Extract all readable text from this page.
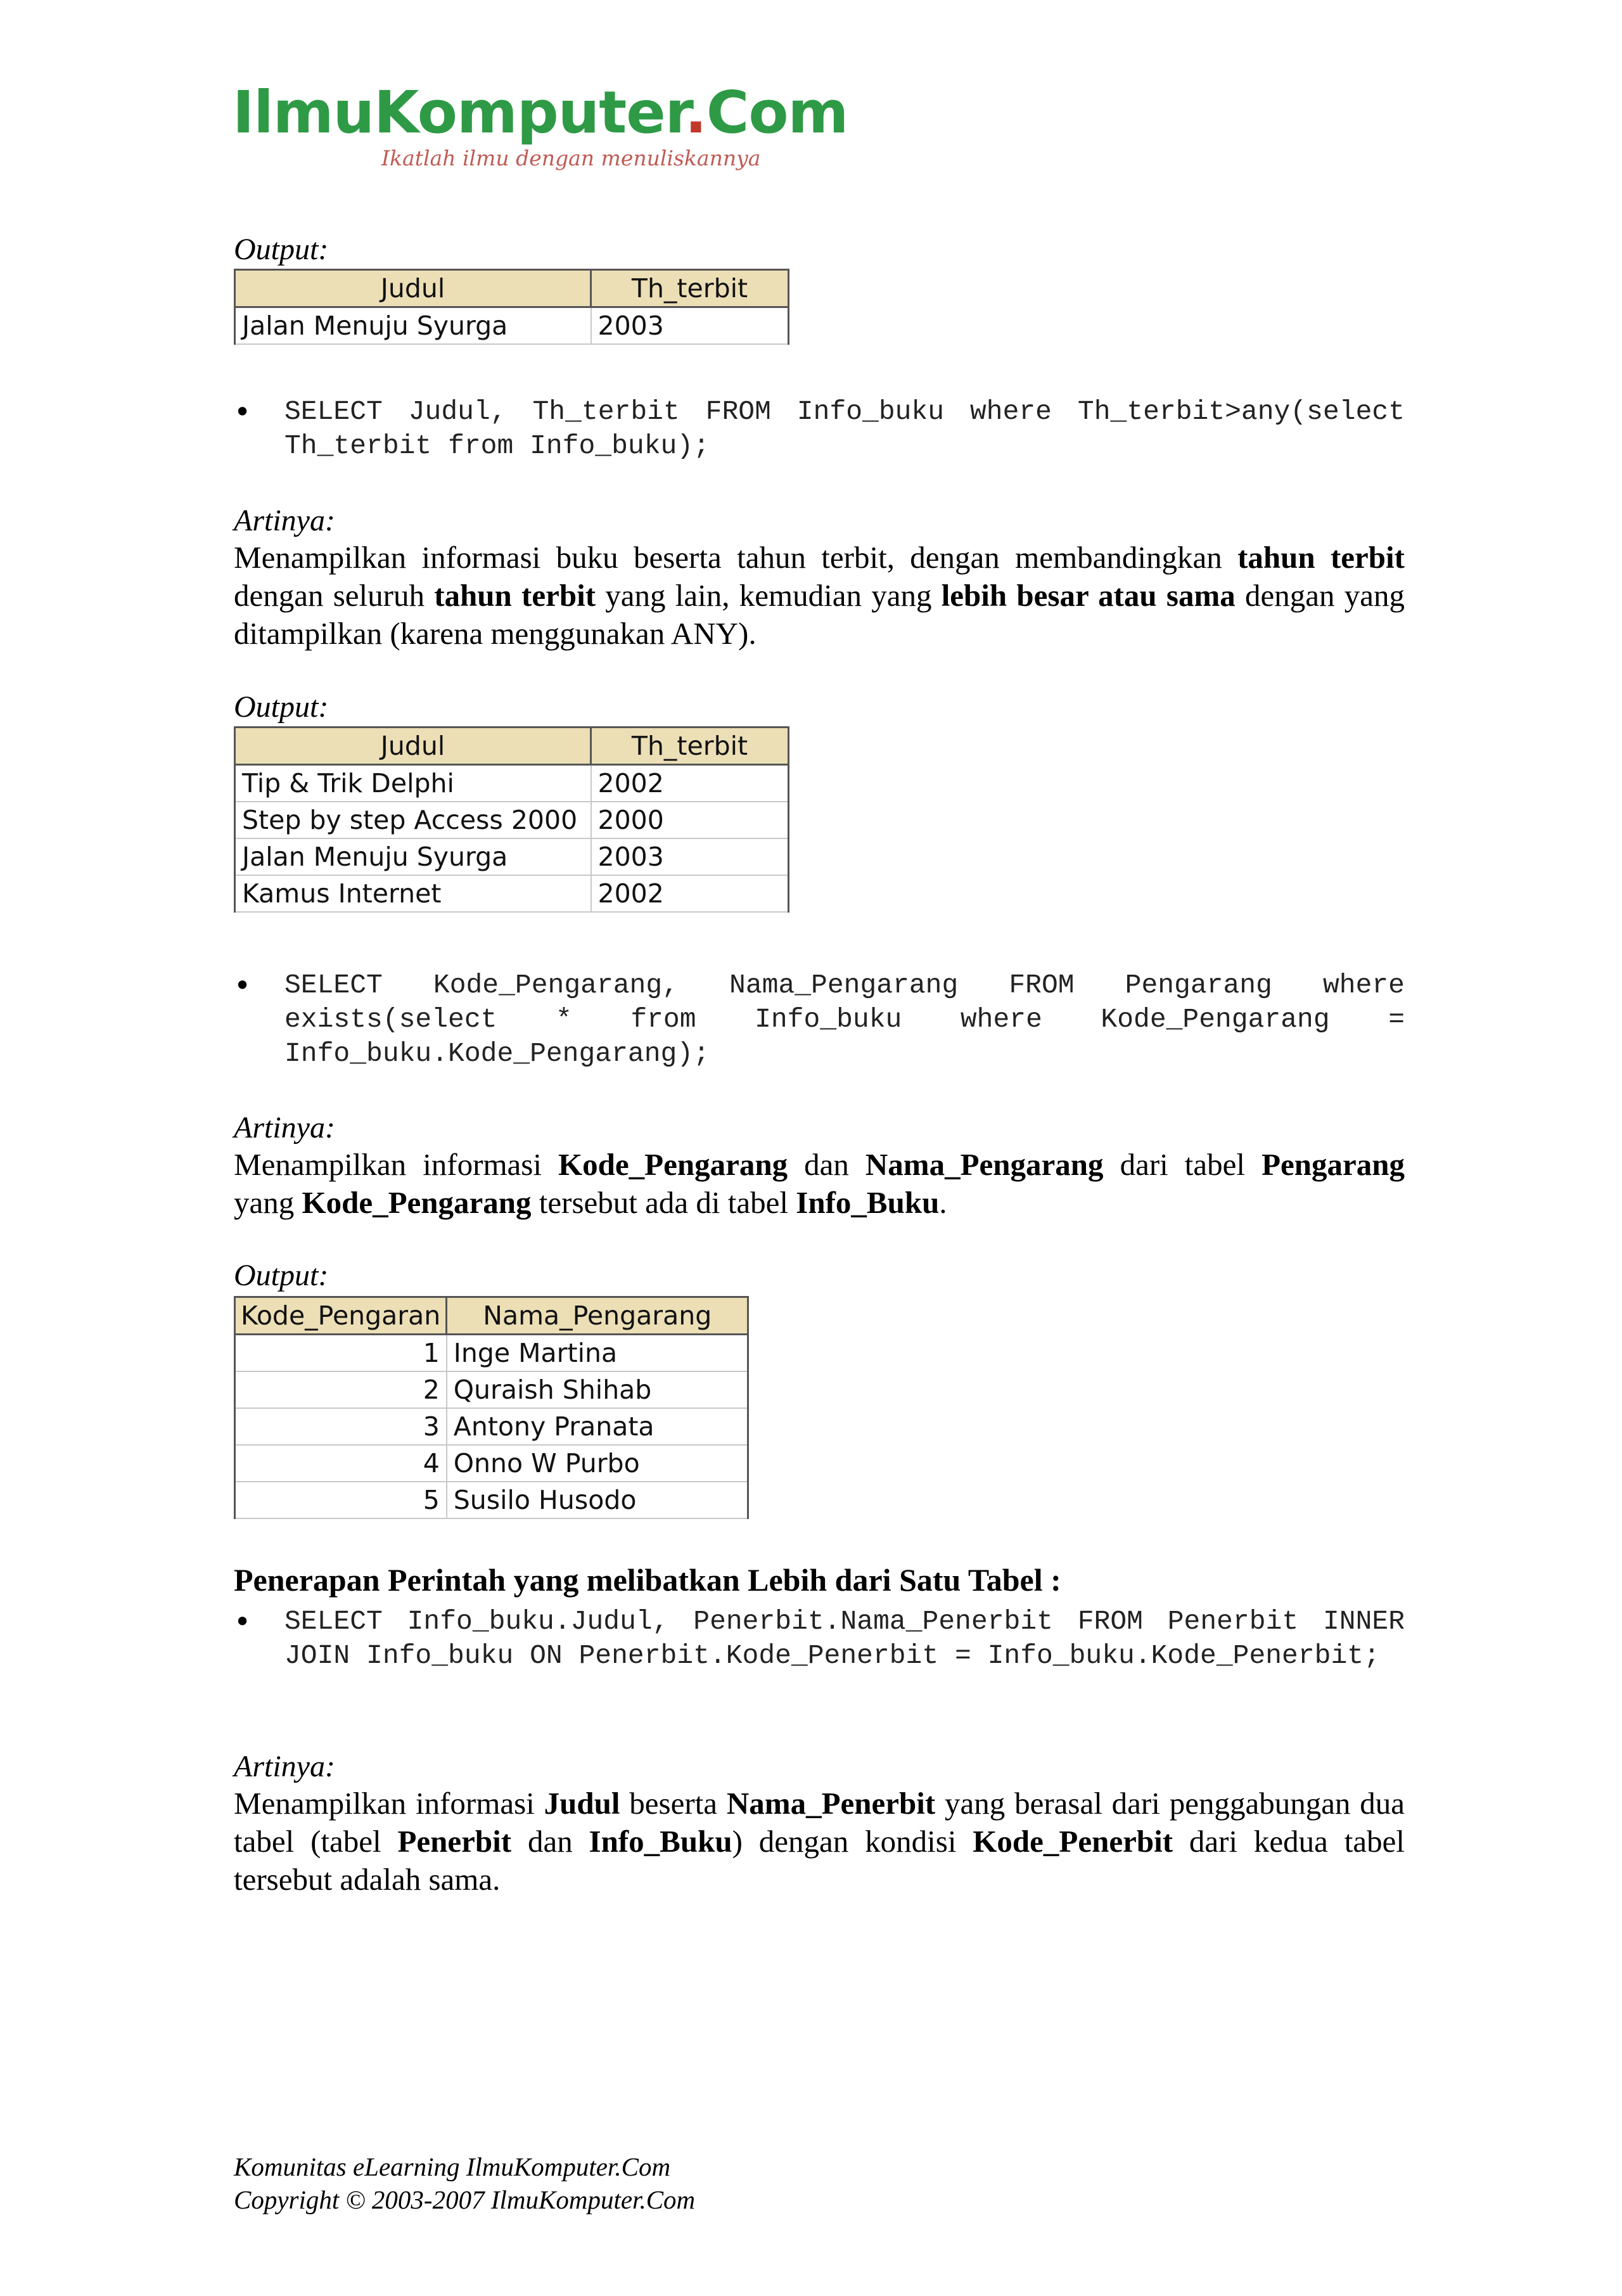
IlmuKomputer.Com
Ikatlah ilmu dengan menuliskannya
Output:
Judul	Th_terbit
Jalan Menuju Syurga	2003
• SELECT Judul, Th_terbit FROM Info_buku where Th_terbit>any(select Th_terbit from Info_buku);
Artinya:
Menampilkan informasi buku beserta tahun terbit, dengan membandingkan tahun terbit dengan seluruh tahun terbit yang lain, kemudian yang lebih besar atau sama dengan yang ditampilkan (karena menggunakan ANY).
Output:
Judul	Th_terbit
Tip & Trik Delphi	2002
Step by step Access 2000	2000
Jalan Menuju Syurga	2003
Kamus Internet	2002
• SELECT Kode_Pengarang, Nama_Pengarang FROM Pengarang where exists(select * from Info_buku where Kode_Pengarang = Info_buku.Kode_Pengarang);
Artinya:
Menampilkan informasi Kode_Pengarang dan Nama_Pengarang dari tabel Pengarang yang Kode_Pengarang tersebut ada di tabel Info_Buku.
Output:
Kode_Pengaran	Nama_Pengarang
1	Inge Martina
2	Quraish Shihab
3	Antony Pranata
4	Onno W Purbo
5	Susilo Husodo
Penerapan Perintah yang melibatkan Lebih dari Satu Tabel :
• SELECT Info_buku.Judul, Penerbit.Nama_Penerbit FROM Penerbit INNER JOIN Info_buku ON Penerbit.Kode_Penerbit = Info_buku.Kode_Penerbit;
Artinya:
Menampilkan informasi Judul beserta Nama_Penerbit yang berasal dari penggabungan dua tabel (tabel Penerbit dan Info_Buku) dengan kondisi Kode_Penerbit dari kedua tabel tersebut adalah sama.
Komunitas eLearning IlmuKomputer.Com
Copyright © 2003-2007 IlmuKomputer.Com
